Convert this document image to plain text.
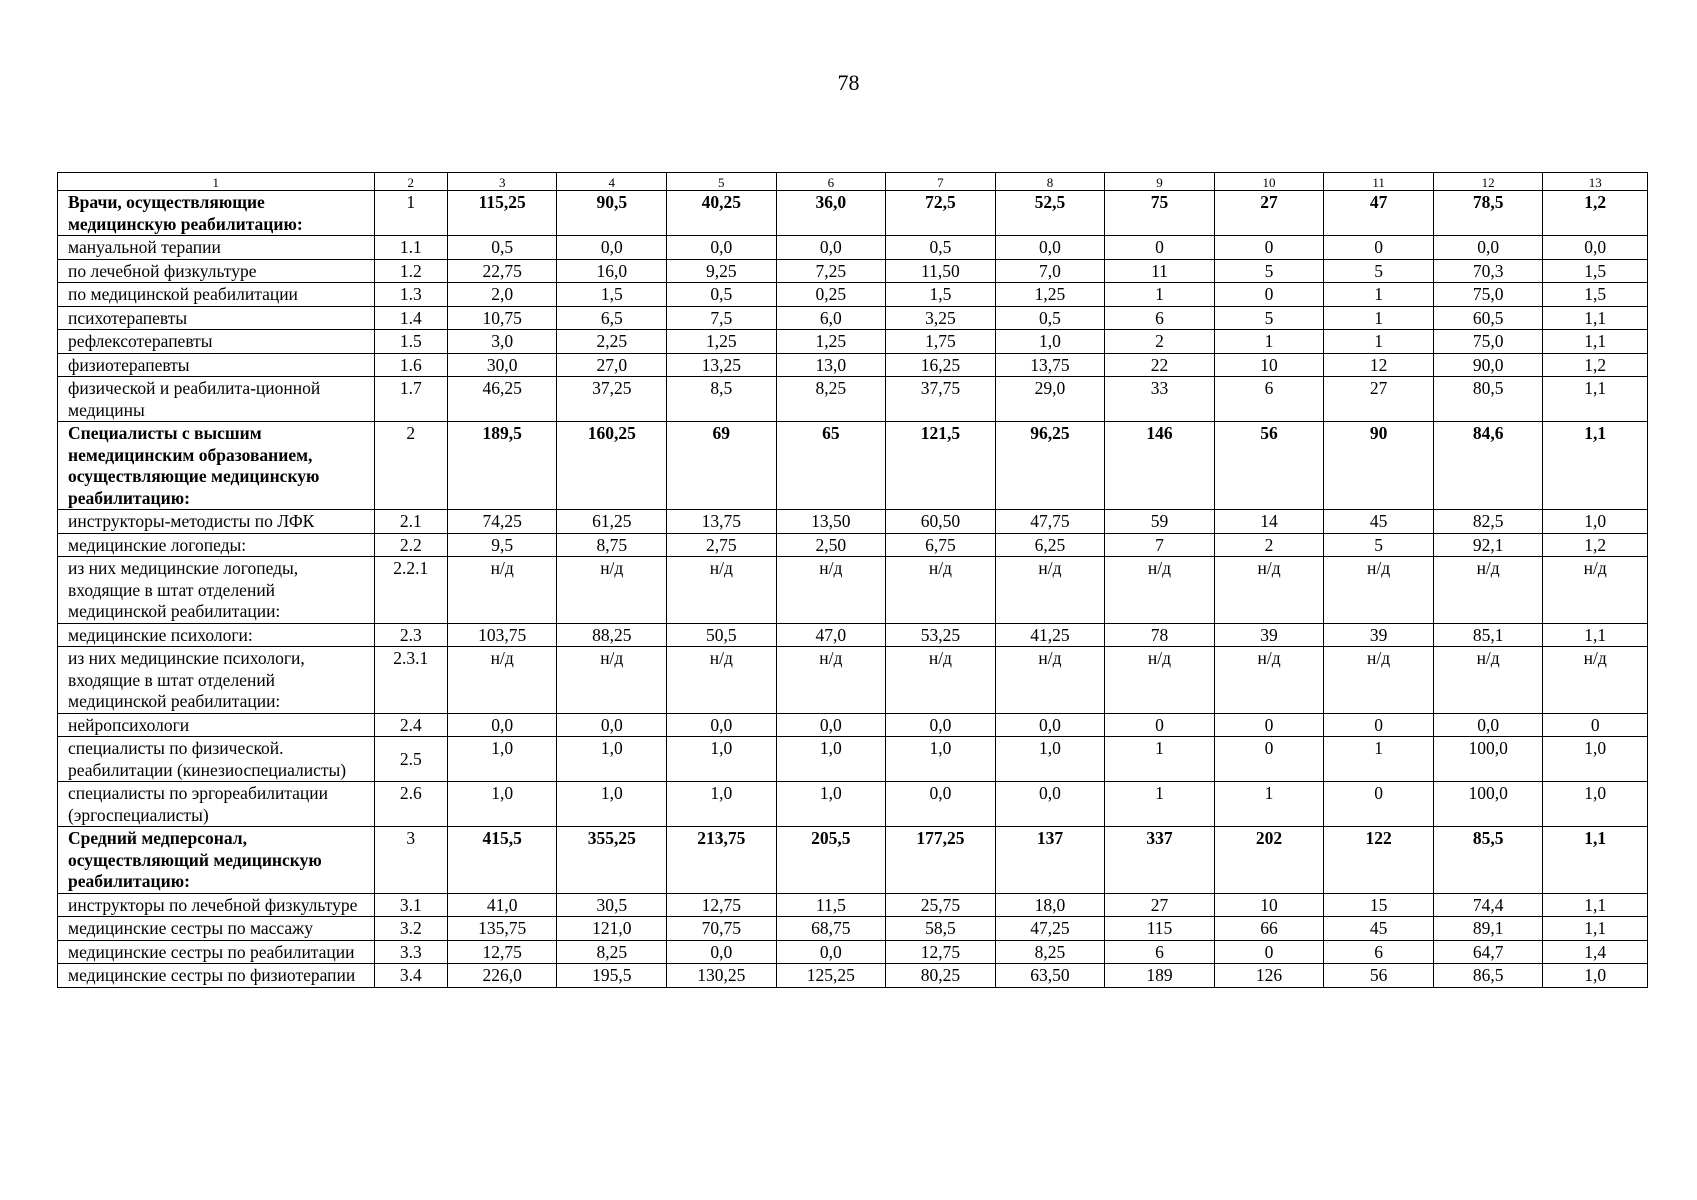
78
1	2	3	4	5	6	7	8	9	10	11	12	13
Врачи, осуществляющие медицинскую реабилитацию:	1	115,25	90,5	40,25	36,0	72,5	52,5	75	27	47	78,5	1,2
мануальной терапии	1.1	0,5	0,0	0,0	0,0	0,5	0,0	0	0	0	0,0	0,0
по лечебной физкультуре	1.2	22,75	16,0	9,25	7,25	11,50	7,0	11	5	5	70,3	1,5
по медицинской реабилитации	1.3	2,0	1,5	0,5	0,25	1,5	1,25	1	0	1	75,0	1,5
психотерапевты	1.4	10,75	6,5	7,5	6,0	3,25	0,5	6	5	1	60,5	1,1
рефлексотерапевты	1.5	3,0	2,25	1,25	1,25	1,75	1,0	2	1	1	75,0	1,1
физиотерапевты	1.6	30,0	27,0	13,25	13,0	16,25	13,75	22	10	12	90,0	1,2
физической и реабилита-ционной медицины	1.7	46,25	37,25	8,5	8,25	37,75	29,0	33	6	27	80,5	1,1
Специалисты с высшим немедицинским образованием, осуществляющие медицинскую реабилитацию:	2	189,5	160,25	69	65	121,5	96,25	146	56	90	84,6	1,1
инструкторы-методисты по ЛФК	2.1	74,25	61,25	13,75	13,50	60,50	47,75	59	14	45	82,5	1,0
медицинские логопеды:	2.2	9,5	8,75	2,75	2,50	6,75	6,25	7	2	5	92,1	1,2
из них медицинские логопеды, входящие в штат отделений медицинской реабилитации:	2.2.1	н/д	н/д	н/д	н/д	н/д	н/д	н/д	н/д	н/д	н/д	н/д
медицинские психологи:	2.3	103,75	88,25	50,5	47,0	53,25	41,25	78	39	39	85,1	1,1
из них медицинские психологи, входящие в штат отделений медицинской реабилитации:	2.3.1	н/д	н/д	н/д	н/д	н/д	н/д	н/д	н/д	н/д	н/д	н/д
нейропсихологи	2.4	0,0	0,0	0,0	0,0	0,0	0,0	0	0	0	0,0	0
специалисты по физической. реабилитации (кинезиоспециалисты)	2.5	1,0	1,0	1,0	1,0	1,0	1,0	1	0	1	100,0	1,0
специалисты по эргореабилитации (эргоспециалисты)	2.6	1,0	1,0	1,0	1,0	0,0	0,0	1	1	0	100,0	1,0
Средний медперсонал, осуществляющий медицинскую реабилитацию:	3	415,5	355,25	213,75	205,5	177,25	137	337	202	122	85,5	1,1
инструкторы по лечебной физкультуре	3.1	41,0	30,5	12,75	11,5	25,75	18,0	27	10	15	74,4	1,1
медицинские сестры по массажу	3.2	135,75	121,0	70,75	68,75	58,5	47,25	115	66	45	89,1	1,1
медицинские сестры по реабилитации	3.3	12,75	8,25	0,0	0,0	12,75	8,25	6	0	6	64,7	1,4
медицинские сестры по физиотерапии	3.4	226,0	195,5	130,25	125,25	80,25	63,50	189	126	56	86,5	1,0
